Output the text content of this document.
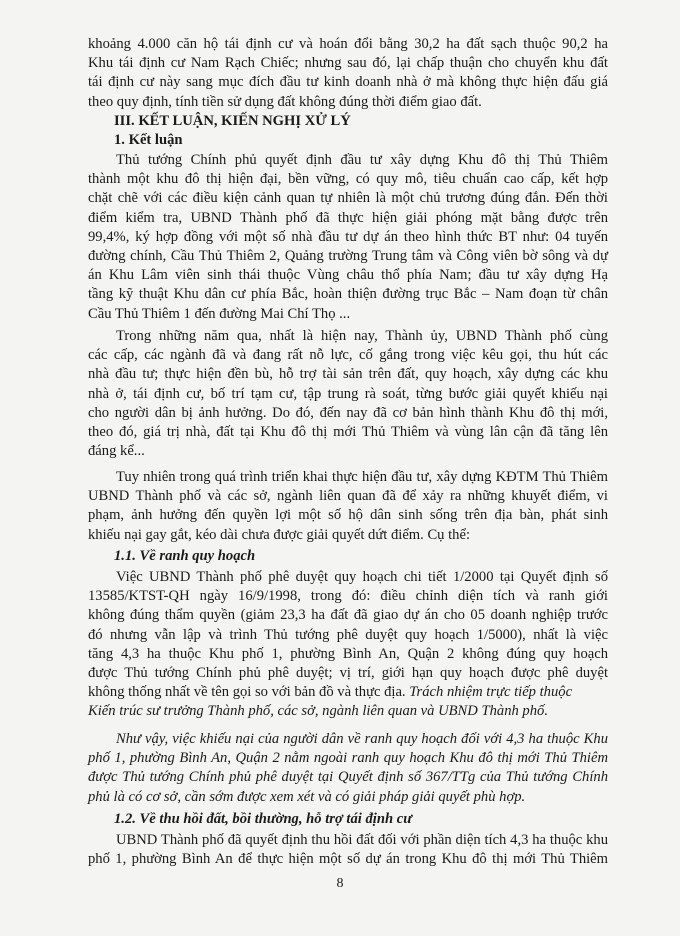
khoảng 4.000 căn hộ tái định cư và hoán đổi bằng 30,2 ha đất sạch thuộc 90,2 ha
Khu tái định cư Nam Rạch Chiếc; nhưng sau đó, lại chấp thuận cho chuyển khu đất
tái định cư này sang mục đích đầu tư kinh doanh nhà ở mà không thực hiện đấu giá
theo quy định, tính tiền sử dụng đất không đúng thời điểm giao đất.
III. KẾT LUẬN, KIẾN NGHỊ XỬ LÝ
1. Kết luận
Thủ tướng Chính phủ quyết định đầu tư xây dựng Khu đô thị Thủ Thiêm
thành một khu đô thị hiện đại, bền vững, có quy mô, tiêu chuẩn cao cấp, kết hợp
chặt chẽ với các điều kiện cảnh quan tự nhiên là một chủ trương đúng đắn. Đến thời
điểm kiểm tra, UBND Thành phố đã thực hiện giải phóng mặt bằng được trên
99,4%, ký hợp đồng với một số nhà đầu tư dự án theo hình thức BT như: 04 tuyến
đường chính, Cầu Thủ Thiêm 2, Quảng trường Trung tâm và Công viên bờ sông và dự
án Khu Lâm viên sinh thái thuộc Vùng châu thổ phía Nam; đầu tư xây dựng Hạ
tầng kỹ thuật Khu dân cư phía Bắc, hoàn thiện đường trục Bắc – Nam đoạn từ chân
Cầu Thủ Thiêm 1 đến đường Mai Chí Thọ ...
Trong những năm qua, nhất là hiện nay, Thành ủy, UBND Thành phố cùng
các cấp, các ngành đã và đang rất nỗ lực, cố gắng trong việc kêu gọi, thu hút các
nhà đầu tư; thực hiện đền bù, hỗ trợ tài sản trên đất, quy hoạch, xây dựng các khu
nhà ở, tái định cư, bố trí tạm cư, tập trung rà soát, từng bước giải quyết khiếu nại
cho người dân bị ảnh hưởng. Do đó, đến nay đã cơ bản hình thành Khu đô thị mới,
theo đó, giá trị nhà, đất tại Khu đô thị mới Thủ Thiêm và vùng lân cận đã tăng lên
đáng kể...
Tuy nhiên trong quá trình triển khai thực hiện đầu tư, xây dựng KĐTM Thủ Thiêm
UBND Thành phố và các sở, ngành liên quan đã để xảy ra những khuyết điểm, vi
phạm, ảnh hưởng đến quyền lợi một số hộ dân sinh sống trên địa bàn, phát sinh
khiếu nại gay gắt, kéo dài chưa được giải quyết dứt điểm. Cụ thể:
1.1. Về ranh quy hoạch
Việc UBND Thành phố phê duyệt quy hoạch chi tiết 1/2000 tại Quyết định số
13585/KTST-QH ngày 16/9/1998, trong đó: điều chỉnh diện tích và ranh giới
không đúng thẩm quyền (giảm 23,3 ha đất đã giao dự án cho 05 doanh nghiệp trước
đó nhưng vẫn lập và trình Thủ tướng phê duyệt quy hoạch 1/5000), nhất là việc
tăng 4,3 ha thuộc Khu phố 1, phường Bình An, Quận 2 không đúng quy hoạch
được Thủ tướng Chính phủ phê duyệt; vị trí, giới hạn quy hoạch được phê duyệt
không thống nhất về tên gọi so với bản đồ và thực địa. Trách nhiệm trực tiếp thuộc
Kiến trúc sư trưởng Thành phố, các sở, ngành liên quan và UBND Thành phố.
Như vậy, việc khiếu nại của người dân về ranh quy hoạch đối với 4,3 ha thuộc Khu
phố 1, phường Bình An, Quận 2 nằm ngoài ranh quy hoạch Khu đô thị mới Thủ Thiêm
được Thủ tướng Chính phủ phê duyệt tại Quyết định số 367/TTg của Thủ tướng Chính
phủ là có cơ sở, cần sớm được xem xét và có giải pháp giải quyết phù hợp.
1.2. Về thu hồi đất, bồi thường, hỗ trợ tái định cư
UBND Thành phố đã quyết định thu hồi đất đối với phần diện tích 4,3 ha thuộc khu
phố 1, phường Bình An để thực hiện một số dự án trong Khu đô thị mới Thủ Thiêm
8
